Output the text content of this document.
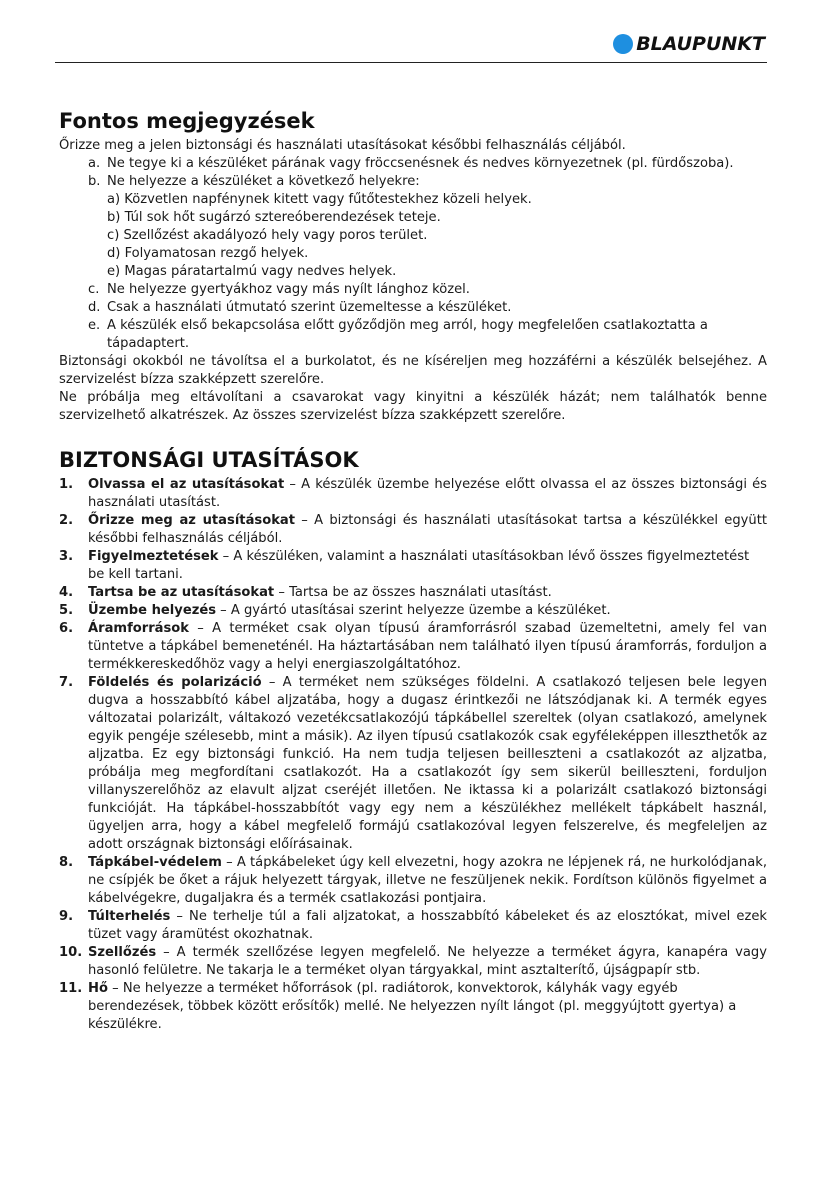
BLAUPUNKT
Fontos megjegyzések

Őrizze meg a jelen biztonsági és használati utasításokat későbbi felhasználás céljából.

a. Ne tegye ki a készüléket párának vagy fröccsenésnek és nedves környezetnek (pl. fürdőszoba).
b. Ne helyezze a készüléket a következő helyekre:
a) Közvetlen napfénynek kitett vagy fűtőtestekhez közeli helyek.
b) Túl sok hőt sugárzó sztereóberendezések teteje.
c) Szellőzést akadályozó hely vagy poros terület.
d) Folyamatosan rezgő helyek.
e) Magas páratartalmú vagy nedves helyek.
c. Ne helyezze gyertyákhoz vagy más nyílt lánghoz közel.
d. Csak a használati útmutató szerint üzemeltesse a készüléket.
e. A készülék első bekapcsolása előtt győződjön meg arról, hogy megfelelően csatlakoztatta a tápadaptert.

Biztonsági okokból ne távolítsa el a burkolatot, és ne kíséreljen meg hozzáférni a készülék belsejéhez. A szervizelést bízza szakképzett szerelőre.

Ne próbálja meg eltávolítani a csavarokat vagy kinyitni a készülék házát; nem találhatók benne szervizelhető alkatrészek. Az összes szervizelést bízza szakképzett szerelőre.

BIZTONSÁGI UTASÍTÁSOK
1. Olvassa el az utasításokat – A készülék üzembe helyezése előtt olvassa el az összes biztonsági és használati utasítást.
2. Őrizze meg az utasításokat – A biztonsági és használati utasításokat tartsa a készülékkel együtt későbbi felhasználás céljából.
3. Figyelmeztetések – A készüléken, valamint a használati utasításokban lévő összes figyelmeztetést be kell tartani.
4. Tartsa be az utasításokat – Tartsa be az összes használati utasítást.
5. Üzembe helyezés – A gyártó utasításai szerint helyezze üzembe a készüléket.
6. Áramforrások – A terméket csak olyan típusú áramforrásról szabad üzemeltetni, amely fel van tüntetve a tápkábel bemeneténél. Ha háztartásában nem található ilyen típusú áramforrás, forduljon a termékkereskedőhöz vagy a helyi energiaszolgáltatóhoz.
7. Földelés és polarizáció – A terméket nem szükséges földelni. A csatlakozó teljesen bele legyen dugva a hosszabbító kábel aljzatába, hogy a dugasz érintkezői ne látszódjanak ki. A termék egyes változatai polarizált, váltakozó vezetékcsatlakozójú tápkábellel szereltek (olyan csatlakozó, amelynek egyik pengéje szélesebb, mint a másik). Az ilyen típusú csatlakozók csak egyféleképpen illeszthetők az aljzatba. Ez egy biztonsági funkció. Ha nem tudja teljesen beilleszteni a csatlakozót az aljzatba, próbálja meg megfordítani csatlakozót. Ha a csatlakozót így sem sikerül beilleszteni, forduljon villanyszerelőhöz az elavult aljzat cseréjét illetően. Ne iktassa ki a polarizált csatlakozó biztonsági funkcióját. Ha tápkábel-hosszabbítót vagy egy nem a készülékhez mellékelt tápkábelt használ, ügyeljen arra, hogy a kábel megfelelő formájú csatlakozóval legyen felszerelve, és megfeleljen az adott országnak biztonsági előírásainak.
8. Tápkábel-védelem – A tápkábeleket úgy kell elvezetni, hogy azokra ne lépjenek rá, ne hurkolódjanak, ne csípjék be őket a rájuk helyezett tárgyak, illetve ne feszüljenek nekik. Fordítson különös figyelmet a kábelvégekre, dugaljakra és a termék csatlakozási pontjaira.
9. Túlterhelés – Ne terhelje túl a fali aljzatokat, a hosszabbító kábeleket és az elosztókat, mivel ezek tüzet vagy áramütést okozhatnak.
10. Szellőzés – A termék szellőzése legyen megfelelő. Ne helyezze a terméket ágyra, kanapéra vagy hasonló felületre. Ne takarja le a terméket olyan tárgyakkal, mint asztalterítő, újságpapír stb.
11. Hő – Ne helyezze a terméket hőforrások (pl. radiátorok, konvektorok, kályhák vagy egyéb berendezések, többek között erősítők) mellé. Ne helyezzen nyílt lángot (pl. meggyújtott gyertya) a készülékre.
